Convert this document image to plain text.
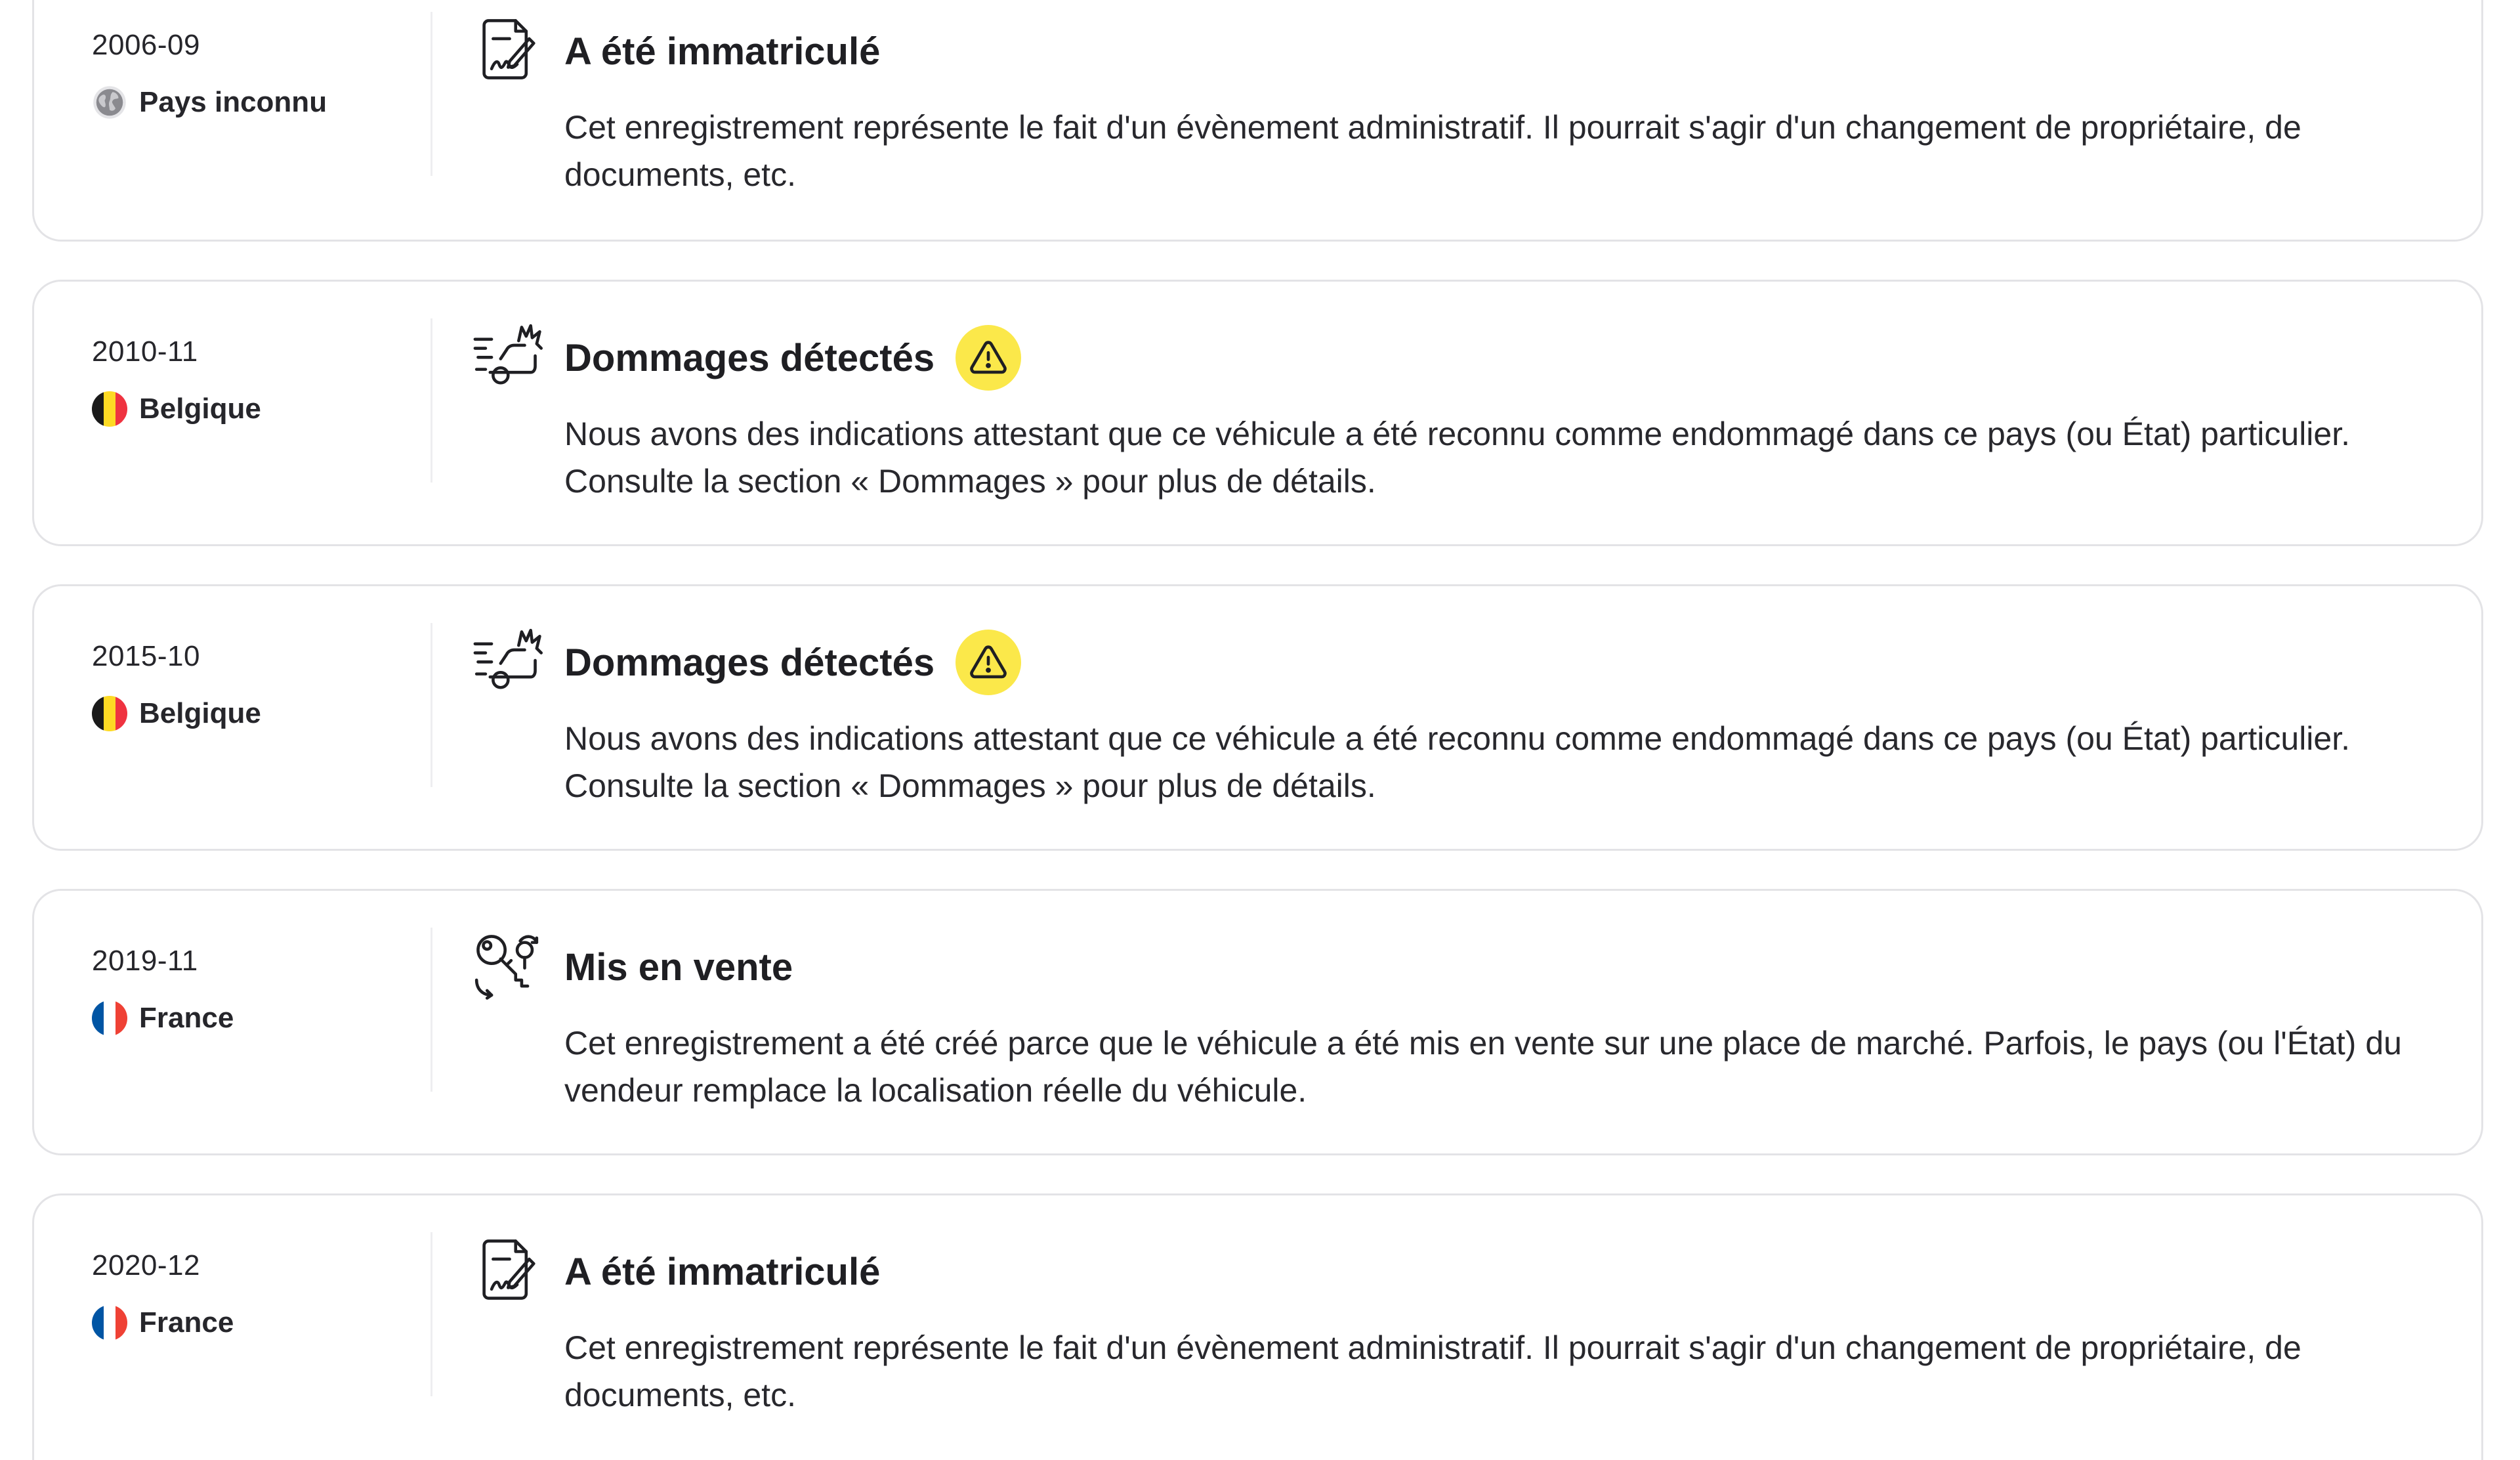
2006-09
Pays inconnu
A été immatriculé

Cet enregistrement représente le fait d'un évènement administratif. Il pourrait s'agir d'un changement de propriétaire, de documents, etc.

2010-11
Belgique
Dommages détectés

Nous avons des indications attestant que ce véhicule a été reconnu comme endommagé dans ce pays (ou État) particulier. Consulte la section « Dommages » pour plus de détails.

2015-10
Belgique
Dommages détectés

Nous avons des indications attestant que ce véhicule a été reconnu comme endommagé dans ce pays (ou État) particulier. Consulte la section « Dommages » pour plus de détails.

2019-11
France
Mis en vente

Cet enregistrement a été créé parce que le véhicule a été mis en vente sur une place de marché. Parfois, le pays (ou l'État) du vendeur remplace la localisation réelle du véhicule.

2020-12
France
A été immatriculé

Cet enregistrement représente le fait d'un évènement administratif. Il pourrait s'agir d'un changement de propriétaire, de documents, etc.
